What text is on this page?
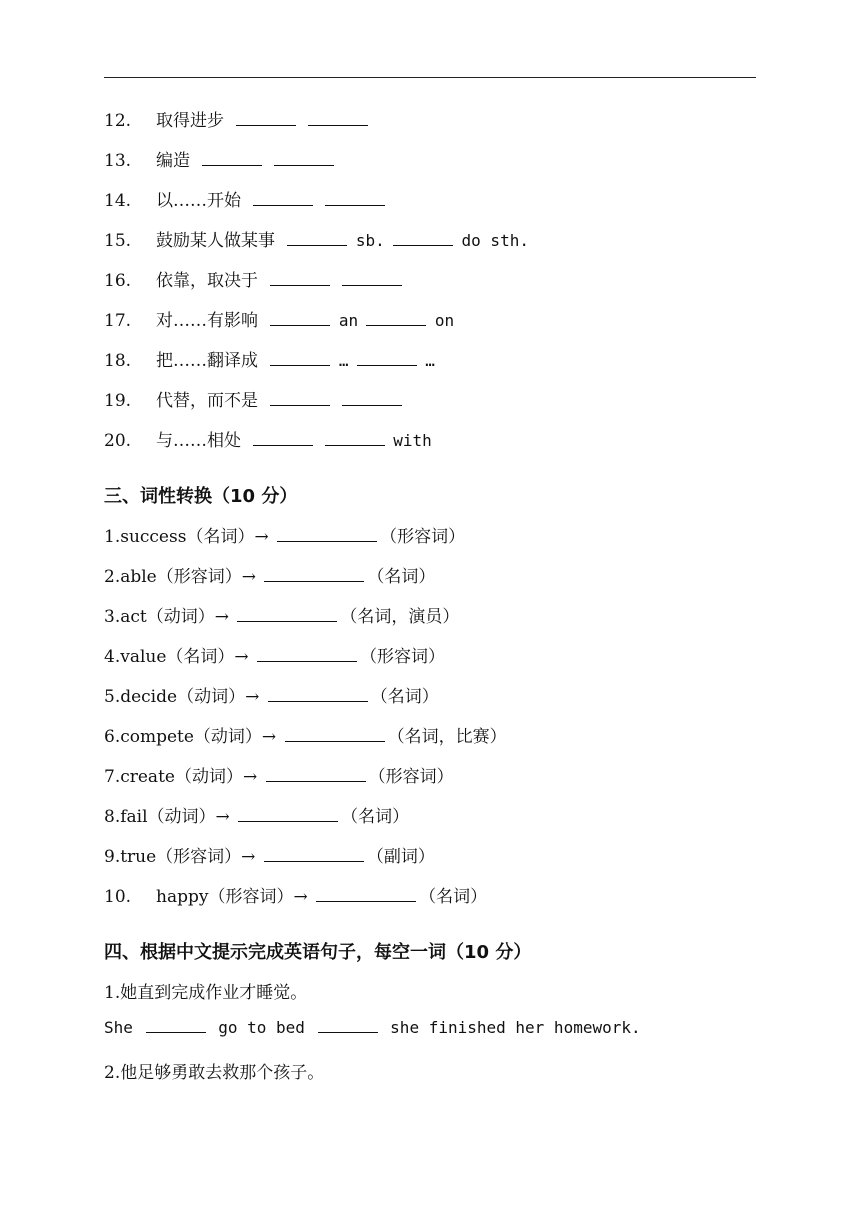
12. 取得进步
13. 编造
14. 以……开始
15. 鼓励某人做某事	sb.	do sth.
16. 依靠，取决于
17. 对……有影响	an	on
18. 把……翻译成	…	…
19. 代替，而不是
20. 与……相处	with
三、词性转换（10 分）
1.success（名词）→	（形容词）
2.able（形容词）→	（名词）
3.act（动词）→	（名词，演员）
4.value（名词）→	（形容词）
5.decide（动词）→	（名词）
6.compete（动词）→	（名词，比赛）
7.create（动词）→	（形容词）
8.fail（动词）→	（名词）
9.true（形容词）→	（副词）
10. happy（形容词）→	（名词）
四、根据中文提示完成英语句子，每空一词（10 分）
1.她直到完成作业才睡觉。
She	go to bed	she finished her homework.
2.他足够勇敢去救那个孩子。
